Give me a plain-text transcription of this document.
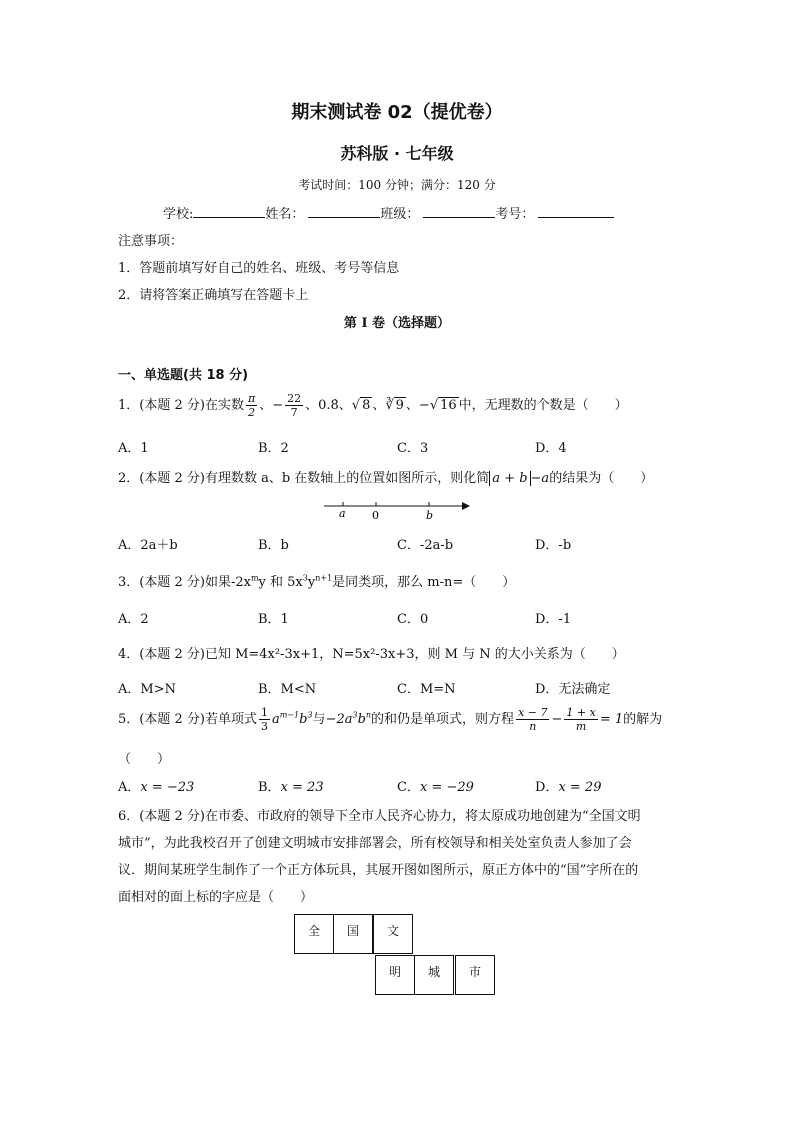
期末测试卷 02（提优卷）
苏科版 · 七年级
考试时间：100 分钟；满分：120 分
学校:	姓名：	班级：	考号：
注意事项：
1．答题前填写好自己的姓名、班级、考号等信息
2．请将答案正确填写在答题卡上
第 I 卷（选择题）
一、单选题(共 18 分)
1．(本题 2 分)在实数 $\frac{\pi}{2}$ 、− $\frac{22}{7}$ 、0.8̇、√ 8 、∛ 9 、−√ 16 中，无理数的个数是（　　）
A．1	B．2	C．3	D．4
2．(本题 2 分)有理数数 a、b 在数轴上的位置如图所示，则化简 a + b −a的结果为（　　）
a 0	b
A．2a＋b	B．b	C．-2a-b	D．-b
3．(本题 2 分)如果$-2x^my$ 和 $5x^3y^{n+1}$是同类项，那么 m-n=（　　）
A．2	B．1	C．0	D．-1
4．(本题 2 分)已知 M=4x²-3x+1，N=5x²-3x+3，则 M 与 N 的大小关系为（　　）
A．M>N	B．M<N	C．M=N	D．无法确定
5．(本题 2 分)若单项式 $\frac{1}{3} a^{m-1}b^3$与$-2a^3b^n$的和仍是单项式，则方程 $\frac{x - 7}{n} - \frac{1 + x}{m} = 1$的解为
（　　）
A．x = −23	B．x = 23	C．x = −29	D．x = 29
6．(本题 2 分)在市委、市政府的领导下全市人民齐心协力，将太原成功地创建为“全国文明
城市”，为此我校召开了创建文明城市安排部署会，所有校领导和相关处室负责人参加了会
议．期间某班学生制作了一个正方体玩具，其展开图如图所示，原正方体中的“国”字所在的
面相对的面上标的字应是（　　）
全	国	文
明	城	市
